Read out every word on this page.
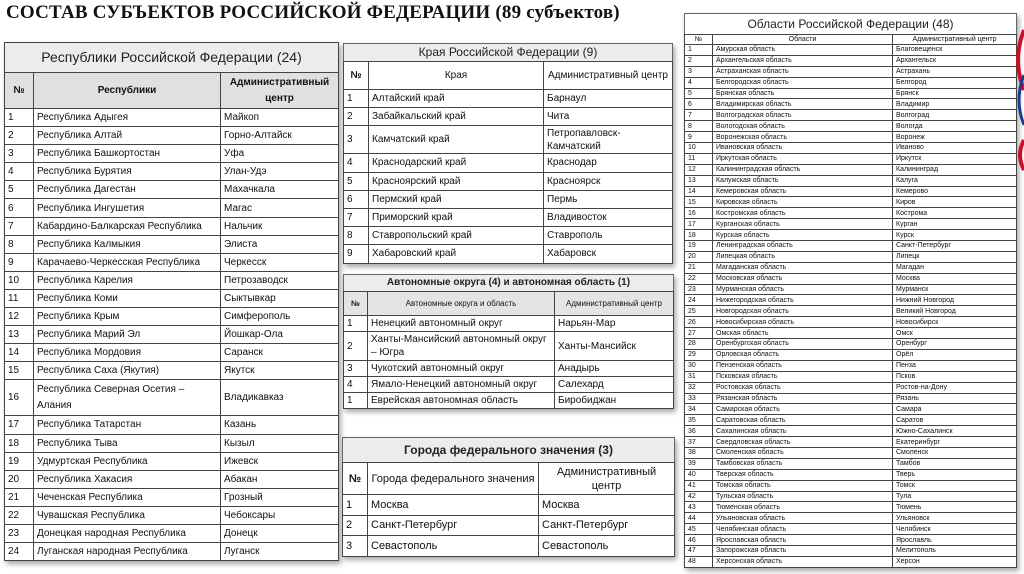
СОСТАВ СУБЪЕКТОВ РОССИЙСКОЙ ФЕДЕРАЦИИ (89 субъектов)
Республики Российской Федерации (24)
№	Республики	Административный центр
1	Республика Адыгея	Майкоп
2	Республика Алтай	Горно-Алтайск
3	Республика Башкортостан	Уфа
4	Республика Бурятия	Улан-Удэ
5	Республика Дагестан	Махачкала
6	Республика Ингушетия	Магас
7	Кабардино-Балкарская Республика	Нальчик
8	Республика Калмыкия	Элиста
9	Карачаево-Черкесская Республика	Черкесск
10	Республика Карелия	Петрозаводск
11	Республика Коми	Сыктывкар
12	Республика Крым	Симферополь
13	Республика Марий Эл	Йошкар-Ола
14	Республика Мордовия	Саранск
15	Республика Саха (Якутия)	Якутск
16	Республика Северная Осетия – Алания	Владикавказ
17	Республика Татарстан	Казань
18	Республика Тыва	Кызыл
19	Удмуртская Республика	Ижевск
20	Республика Хакасия	Абакан
21	Чеченская Республика	Грозный
22	Чувашская Республика	Чебоксары
23	Донецкая народная Республика	Донецк
24	Луганская народная Республика	Луганск
Края Российской Федерации (9)
№	Края	Административный центр
1	Алтайский край	Барнаул
2	Забайкальский край	Чита
3	Камчатский край	Петропавловск-Камчатский
4	Краснодарский край	Краснодар
5	Красноярский край	Красноярск
6	Пермский край	Пермь
7	Приморский край	Владивосток
8	Ставропольский край	Ставрополь
9	Хабаровский край	Хабаровск
Автономные округа (4) и автономная область (1)
№	Автономные округа и область	Административный центр
1	Ненецкий автономный округ	Нарьян-Мар
2	Ханты-Мансийский автономный округ – Югра	Ханты-Мансийск
3	Чукотский автономный округ	Анадырь
4	Ямало-Ненецкий автономный округ	Салехард
1	Еврейская автономная область	Биробиджан
Города федерального значения (3)
№	Города федерального значения	Административный центр
1	Москва	Москва
2	Санкт-Петербург	Санкт-Петербург
3	Севастополь	Севастополь
Области Российской Федерации (48)
№	Области	Административный центр
1	Амурская область	Благовещенск
2	Архангельская область	Архангельск
3	Астраханская область	Астрахань
4	Белгородская область	Белгород
5	Брянская область	Брянск
6	Владимирская область	Владимир
7	Волгоградская область	Волгоград
8	Вологодская область	Вологда
9	Воронежская область	Воронеж
10	Ивановская область	Иваново
11	Иркутская область	Иркутск
12	Калининградская область	Калининград
13	Калужская область	Калуга
14	Кемеровская область	Кемерово
15	Кировская область	Киров
16	Костромская область	Кострома
17	Курганская область	Курган
18	Курская область	Курск
19	Ленинградская область	Санкт-Петербург
20	Липецкая область	Липецк
21	Магаданская область	Магадан
22	Московская область	Москва
23	Мурманская область	Мурманск
24	Нижегородская область	Нижний Новгород
25	Новгородская область	Великий Новгород
26	Новосибирская область	Новосибирск
27	Омская область	Омск
28	Оренбургская область	Оренбург
29	Орловская область	Орёл
30	Пензенская область	Пенза
31	Псковская область	Псков
32	Ростовская область	Ростов-на-Дону
33	Рязанская область	Рязань
34	Самарская область	Самара
35	Саратовская область	Саратов
36	Сахалинская область	Южно-Сахалинск
37	Свердловская область	Екатеринбург
38	Смоленская область	Смоленск
39	Тамбовская область	Тамбов
40	Тверская область	Тверь
41	Томская область	Томск
42	Тульская область	Тула
43	Тюменская область	Тюмень
44	Ульяновская область	Ульяновск
45	Челябинская область	Челябинск
46	Ярославская область	Ярославль
47	Запорожская область	Мелитополь
48	Херсонская область	Херсон
